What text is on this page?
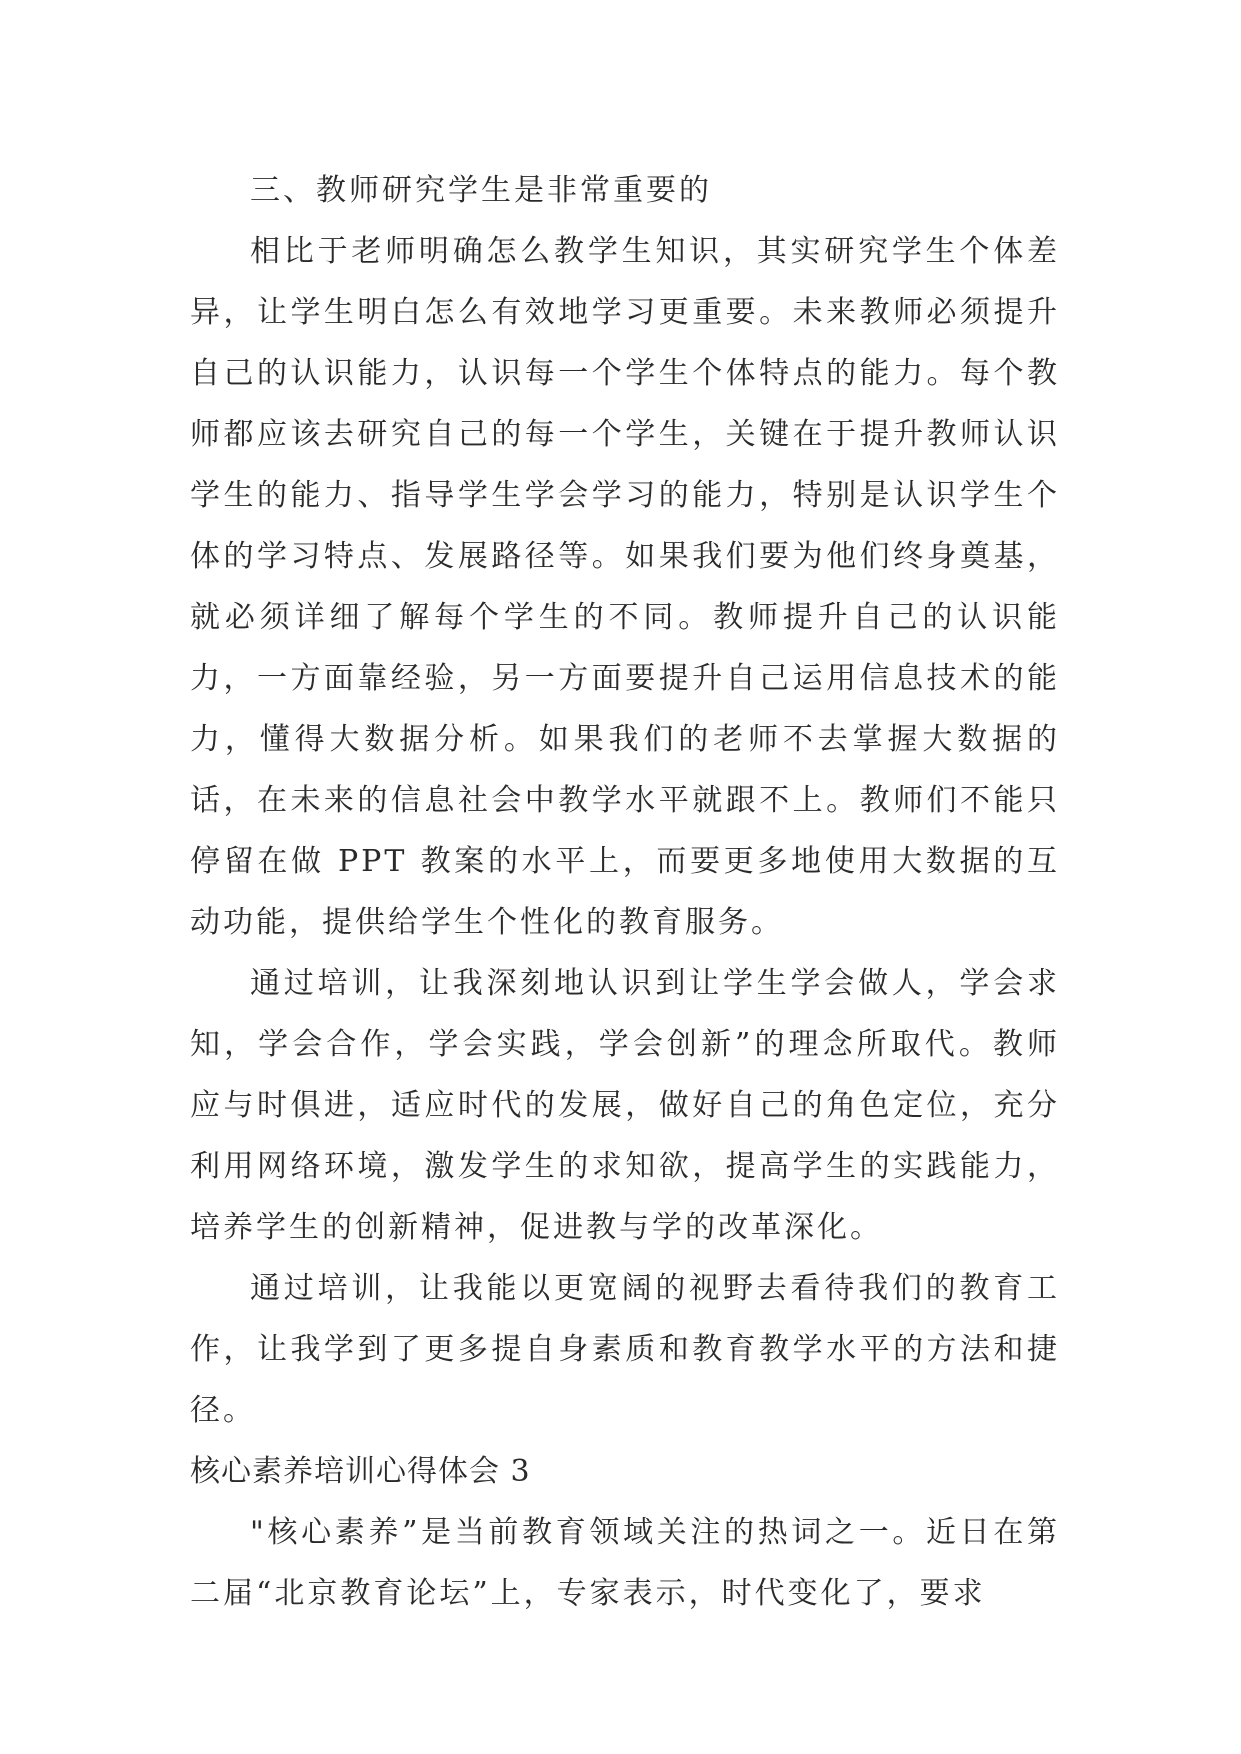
三、教师研究学生是非常重要的

相比于老师明确怎么教学生知识，其实研究学生个体差异，让学生明白怎么有效地学习更重要。未来教师必须提升自己的认识能力，认识每一个学生个体特点的能力。每个教师都应该去研究自己的每一个学生，关键在于提升教师认识学生的能力、指导学生学会学习的能力，特别是认识学生个体的学习特点、发展路径等。如果我们要为他们终身奠基，就必须详细了解每个学生的不同。教师提升自己的认识能力，一方面靠经验，另一方面要提升自己运用信息技术的能力，懂得大数据分析。如果我们的老师不去掌握大数据的话，在未来的信息社会中教学水平就跟不上。教师们不能只停留在做 PPT 教案的水平上，而要更多地使用大数据的互动功能，提供给学生个性化的教育服务。

通过培训，让我深刻地认识到让学生学会做人，学会求知，学会合作，学会实践，学会创新”的理念所取代。教师应与时俱进，适应时代的发展，做好自己的角色定位，充分利用网络环境，激发学生的求知欲，提高学生的实践能力，培养学生的创新精神，促进教与学的改革深化。

通过培训，让我能以更宽阔的视野去看待我们的教育工作，让我学到了更多提自身素质和教育教学水平的方法和捷径。

核心素养培训心得体会 3

"核心素养”是当前教育领域关注的热词之一。近日在第二届“北京教育论坛”上，专家表示，时代变化了，要求
